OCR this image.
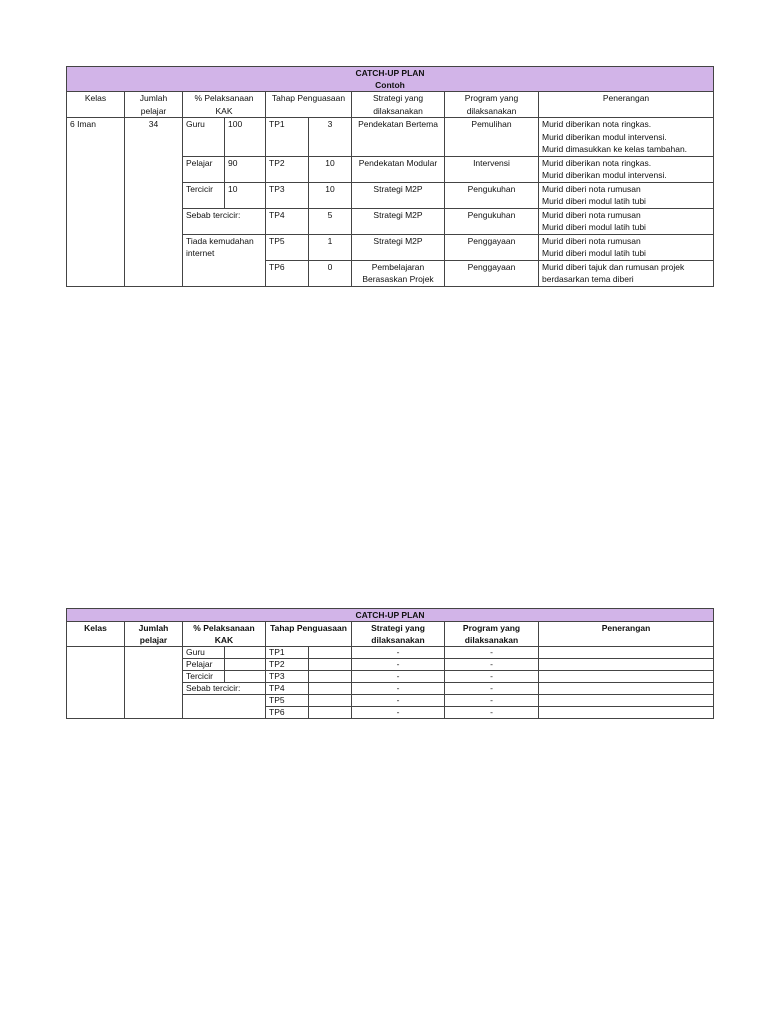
CATCH-UP PLAN
Contoh								

Kelas	Jumlah pelajar	% Pelaksanaan KAK		Tahap Penguasaan		Strategi yang dilaksanakan	Program yang dilaksanakan	Penerangan
6 Iman	34	Guru	100	TP1	3	Pendekatan Bertema	Pemulihan	Murid diberikan nota ringkas.
Murid diberikan modul intervensi.
Murid dimasukkan ke kelas tambahan.

		Pelajar	90	TP2	10	Pendekatan Modular	Intervensi	Murid diberikan nota ringkas.
Murid diberikan modul intervensi.

		Tercicir	10	TP3	10	Strategi M2P	Pengukuhan	Murid diberi nota rumusan
Murid diberi modul latih tubi

		Sebab tercicir:		TP4	5	Strategi M2P	Pengukuhan	Murid diberi nota rumusan
Murid diberi modul latih tubi

		Tiada kemudahan internet		TP5	1	Strategi M2P	Penggayaan	Murid diberi nota rumusan
Murid diberi modul latih tubi

				TP6	0	Pembelajaran Berasaskan Projek	Penggayaan	Murid diberi tajuk dan rumusan projek
berdasarkan tema diberi
CATCH-UP PLAN								
Kelas	Jumlah pelajar	% Pelaksanaan KAK		Tahap Penguasaan		Strategi yang dilaksanakan	Program yang dilaksanakan	Penerangan
		Guru		TP1		-	-	
		Pelajar		TP2		-	-	
		Tercicir		TP3		-	-	
		Sebab tercicir:		TP4		-	-	
				TP5		-	-	
				TP6		-	-	
